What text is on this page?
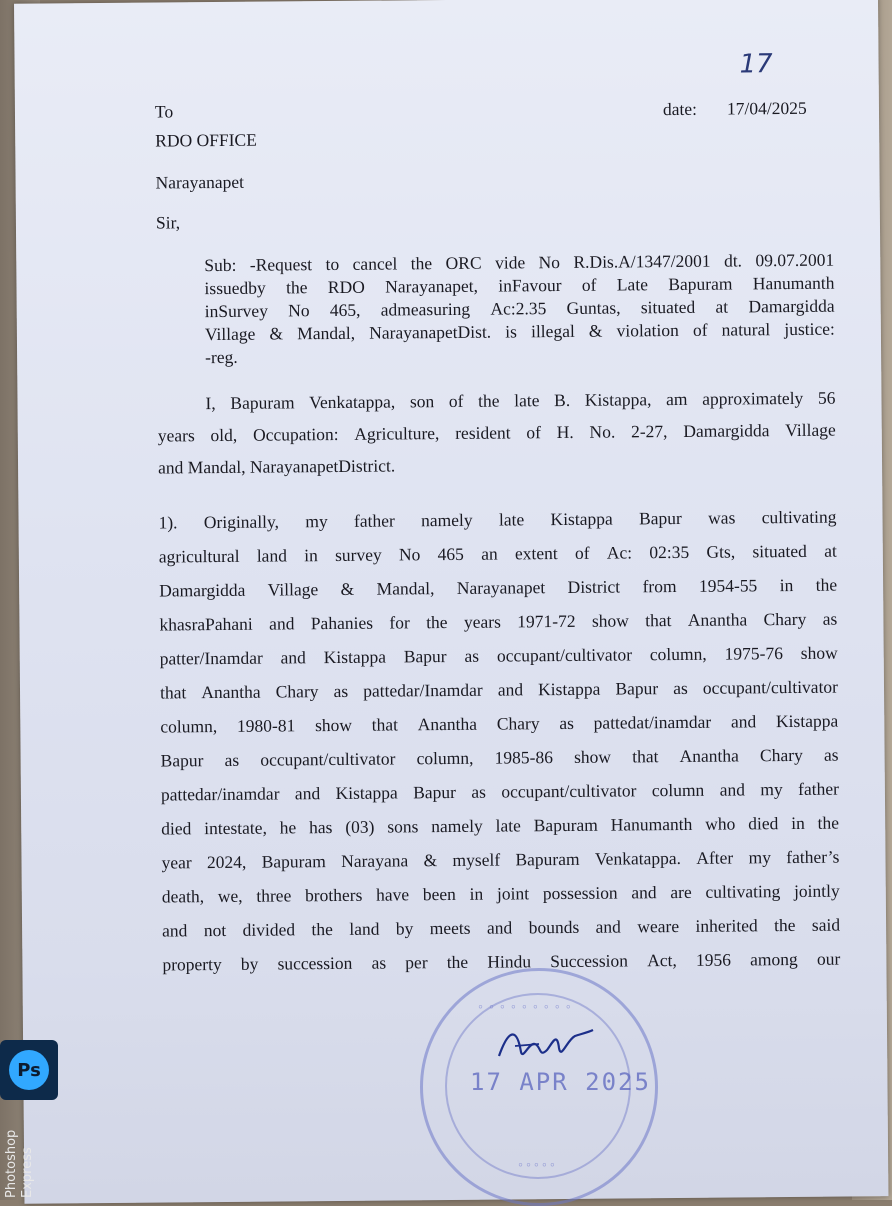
17
To	date: 17/04/2025
RDO OFFICE
Narayanapet
Sir,
Sub: -Request to cancel the ORC vide No R.Dis.A/1347/2001 dt. 09.07.2001
issuedby the RDO Narayanapet, inFavour of Late Bapuram Hanumanth
inSurvey No 465, admeasuring Ac:2.35 Guntas, situated at Damargidda
Village & Mandal, NarayanapetDist. is illegal & violation of natural justice:
-reg.
I, Bapuram Venkatappa, son of the late B. Kistappa, am approximately 56
years old, Occupation: Agriculture, resident of H. No. 2-27, Damargidda Village
and Mandal, NarayanapetDistrict.
1). Originally, my father namely late Kistappa Bapur was cultivating
agricultural land in survey No 465 an extent of Ac: 02:35 Gts, situated at
Damargidda Village & Mandal, Narayanapet District from 1954-55 in the
khasraPahani and Pahanies for the years 1971-72 show that Anantha Chary as
patter/Inamdar and Kistappa Bapur as occupant/cultivator column, 1975-76 show
that Anantha Chary as pattedar/Inamdar and Kistappa Bapur as occupant/cultivator
column, 1980-81 show that Anantha Chary as pattedat/inamdar and Kistappa
Bapur as occupant/cultivator column, 1985-86 show that Anantha Chary as
pattedar/inamdar and Kistappa Bapur as occupant/cultivator column and my father
died intestate, he has (03) sons namely late Bapuram Hanumanth who died in the
year 2024, Bapuram Narayana & myself Bapuram Venkatappa. After my father’s
death, we, three brothers have been in joint possession and are cultivating jointly
and not divided the land by meets and bounds and weare inherited the said
property by succession as per the Hindu Succession Act, 1956 among our
◦◦◦◦◦◦◦◦◦
◦◦◦◦◦
17 APR 2025
Ps
Photoshop Express
